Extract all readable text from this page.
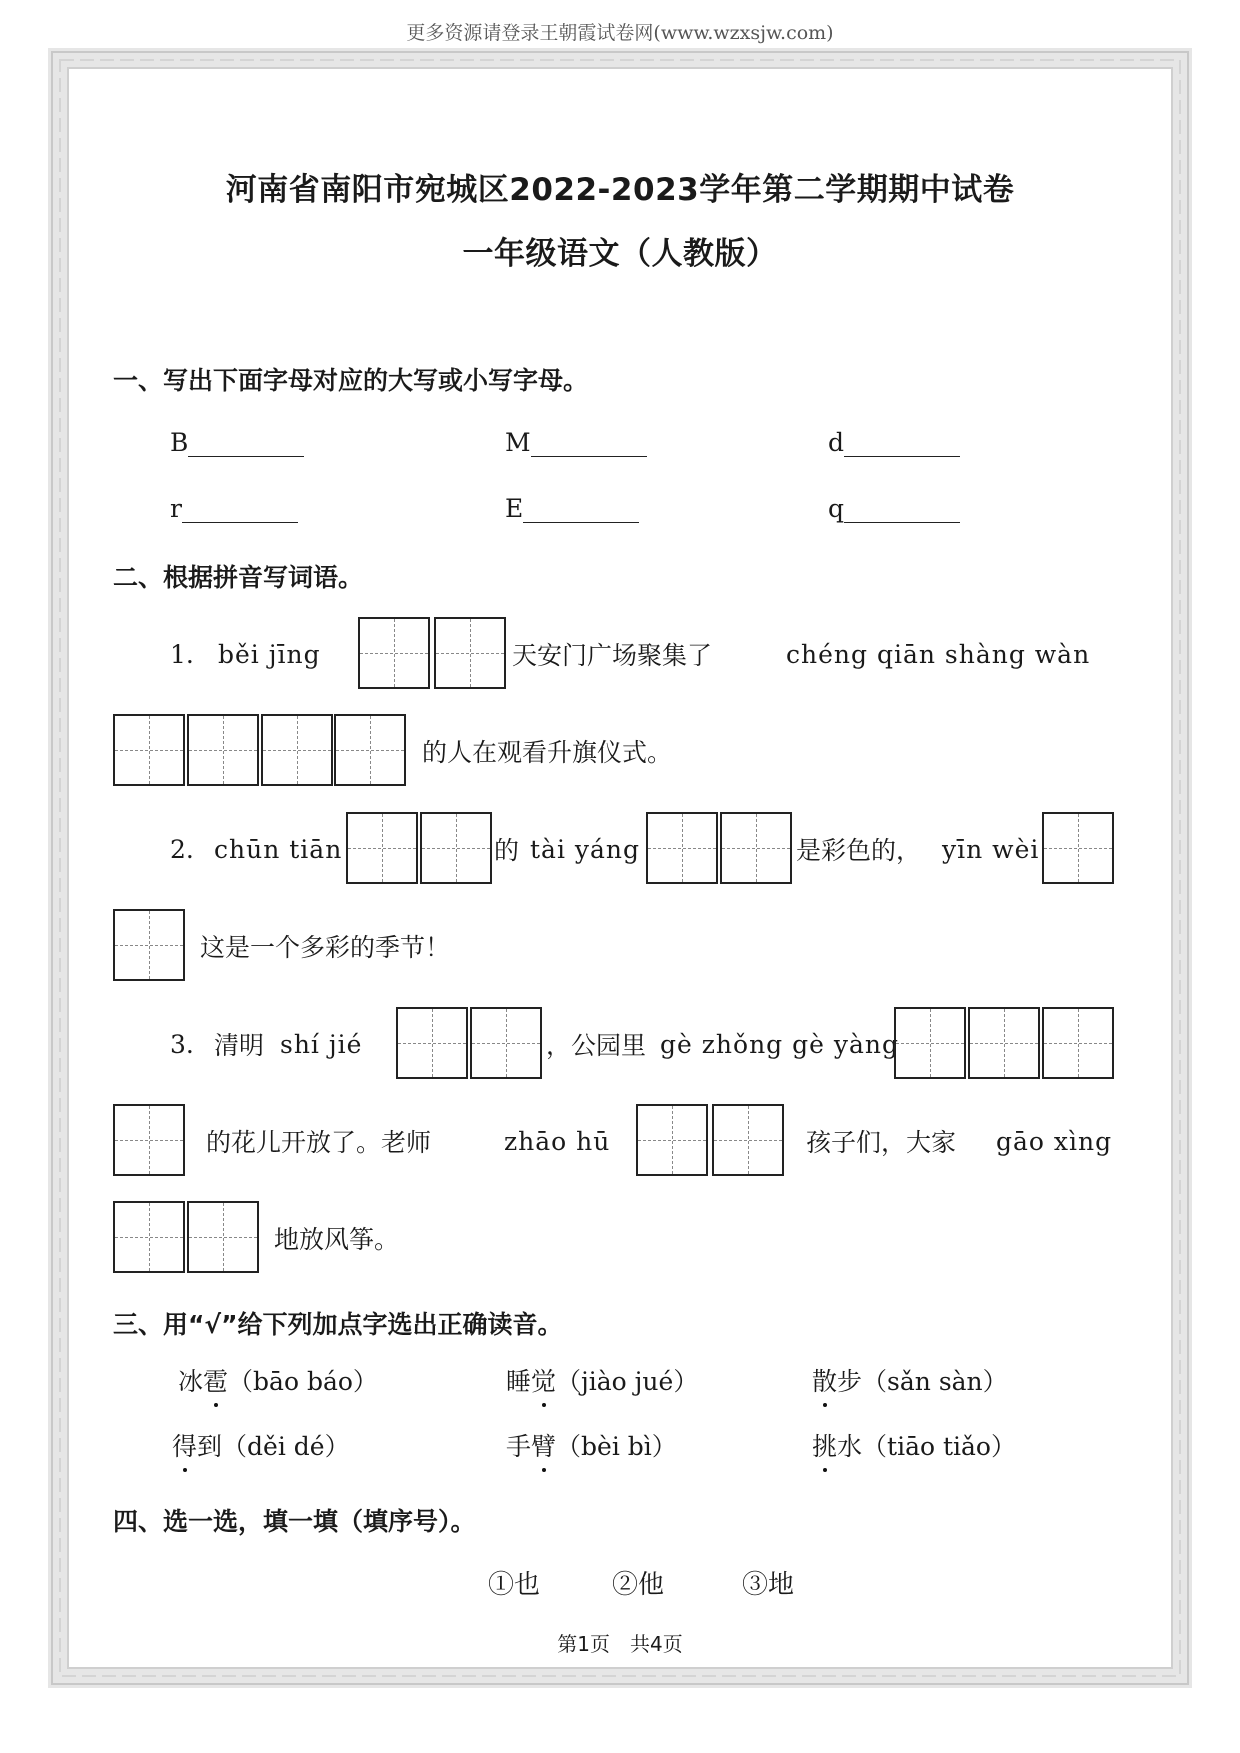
更多资源请登录王朝霞试卷网(www.wzxsjw.com)
河南省南阳市宛城区2022-2023学年第二学期期中试卷
一年级语文（人教版）
一、写出下面字母对应的大写或小写字母。
B	M	d
r	E	q
二、根据拼音写词语。
1. běi jīng	天安门广场聚集了	chéng qiān shàng wàn
的人在观看升旗仪式。
2. chūn tiān	的 tài yáng	是彩色的， yīn wèi
这是一个多彩的季节！
3. 清明 shí jié	，公园里 gè zhǒng gè yàng
的花儿开放了。老师	zhāo hū	孩子们，大家 gāo xìng
地放风筝。
三、用“√”给下列加点字选出正确读音。
冰雹（bāo báo）	睡觉（jiào jué）	散步（sǎn sàn）
得到（děi dé）	手臂（bèi bì）	挑水（tiāo tiǎo）
四、选一选，填一填（填序号）。
①也	②他	③地
第1页　共4页
